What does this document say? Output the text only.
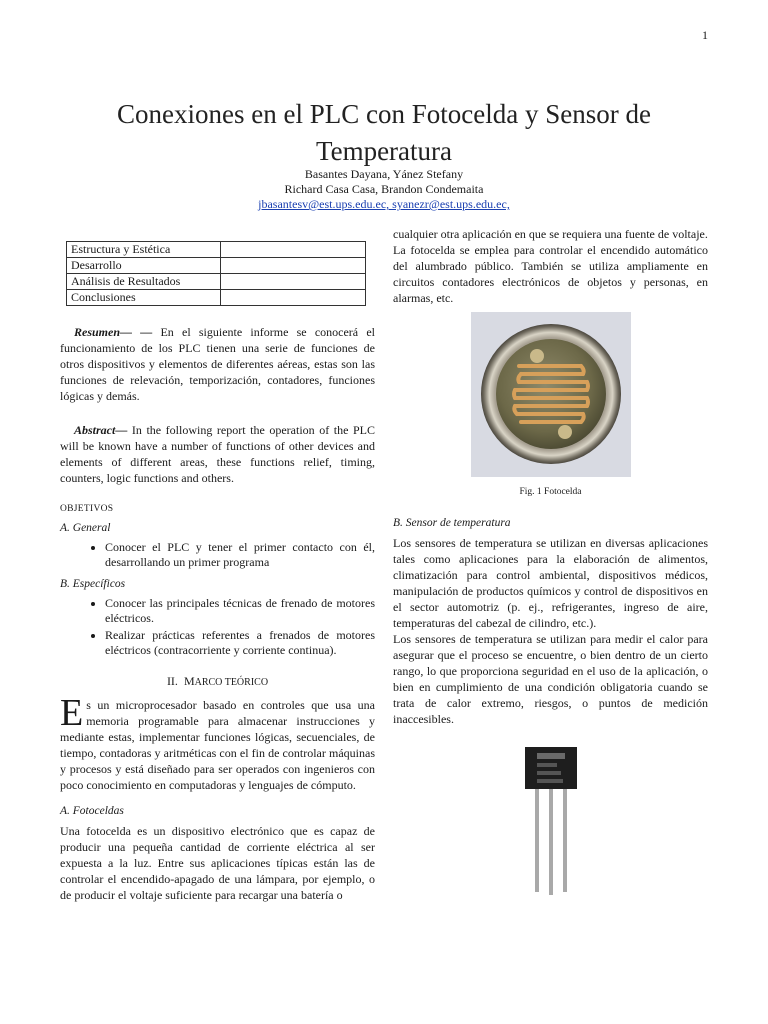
1
Conexiones en el PLC con Fotocelda y Sensor de Temperatura
Basantes Dayana, Yánez Stefany
Richard Casa Casa, Brandon Condemaita
jbasantesv@est.ups.edu.ec, syanezr@est.ups.edu.ec,
Estructura y Estética	
Desarrollo	
Análisis de Resultados	
Conclusiones	

Resumen— — En el siguiente informe se conocerá el funcionamiento de los PLC tienen una serie de funciones de otros dispositivos y elementos de diferentes aéreas, estas son las funciones de relevación, temporización, contadores, funciones lógicas y demás.

Abstract— In the following report the operation of the PLC will be known have a number of functions of other devices and elements of different areas, these functions relief, timing, counters, logic functions and others.

OBJETIVOS
A. General
• Conocer el PLC y tener el primer contacto con él, desarrollando un primer programa
B. Específicos
• Conocer las principales técnicas de frenado de motores eléctricos.
• Realizar prácticas referentes a frenados de motores eléctricos (contracorriente y corriente continua).
II. MARCO TEÓRICO

Es un microprocesador basado en controles que usa una memoria programable para almacenar instrucciones y mediante estas, implementar funciones lógicas, secuenciales, de tiempo, contadoras y aritméticas con el fin de controlar máquinas y procesos y está diseñado para ser operados con ingenieros con poco conocimiento en computadoras y lenguajes de cómputo.

A. Fotoceldas

Una fotocelda es un dispositivo electrónico que es capaz de producir una pequeña cantidad de corriente eléctrica al ser expuesta a la luz. Entre sus aplicaciones típicas están las de controlar el encendido-apagado de una lámpara, por ejemplo, o de producir el voltaje suficiente para recargar una batería o

cualquier otra aplicación en que se requiera una fuente de voltaje.

La fotocelda se emplea para controlar el encendido automático del alumbrado público. También se utiliza ampliamente en circuitos contadores electrónicos de objetos y personas, en alarmas, etc.

Fig. 1 Fotocelda
B. Sensor de temperatura

Los sensores de temperatura se utilizan en diversas aplicaciones tales como aplicaciones para la elaboración de alimentos, climatización para control ambiental, dispositivos médicos, manipulación de productos químicos y control de dispositivos en el sector automotriz (p. ej., refrigerantes, ingreso de aire, temperaturas del cabezal de cilindro, etc.).

Los sensores de temperatura se utilizan para medir el calor para asegurar que el proceso se encuentre, o bien dentro de un cierto rango, lo que proporciona seguridad en el uso de la aplicación, o bien en cumplimiento de una condición obligatoria cuando se trata de calor extremo, riesgos, o puntos de medición inaccesibles.
